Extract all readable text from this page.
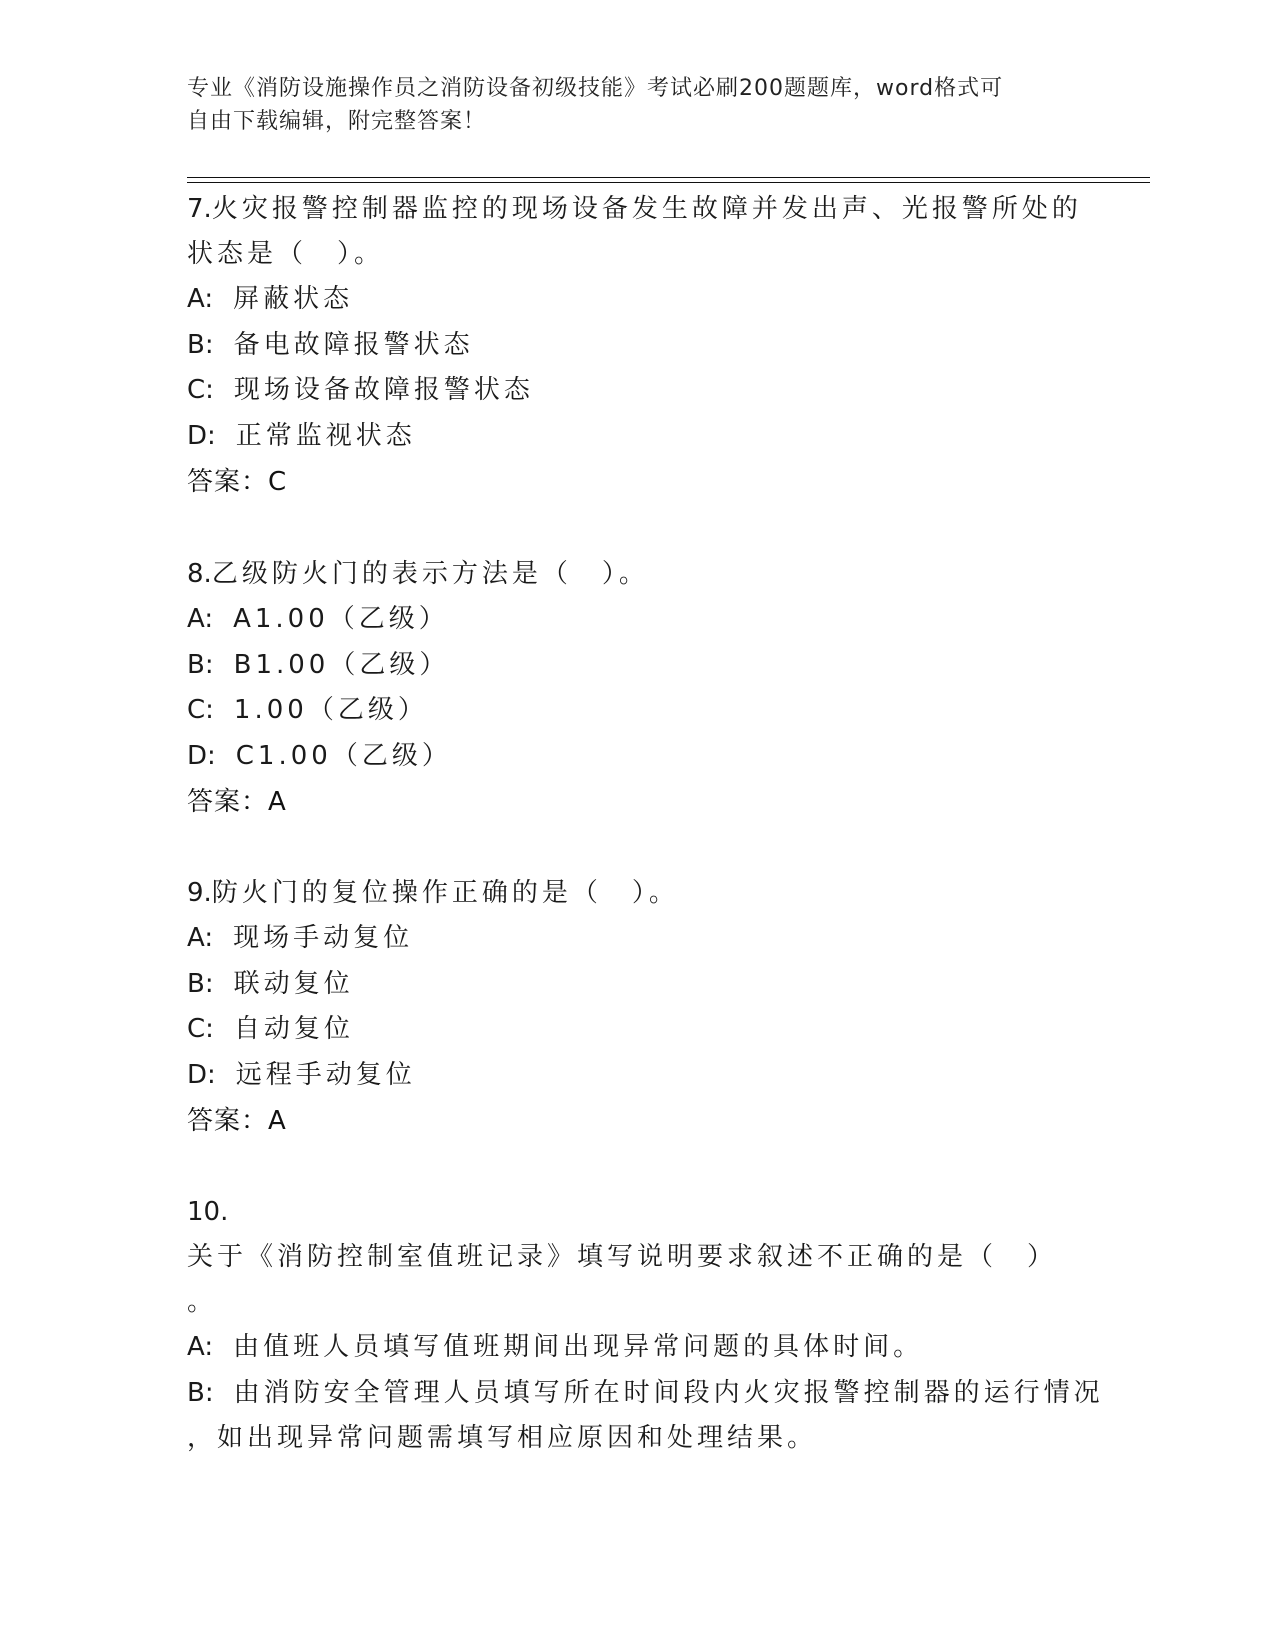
专业《消防设施操作员之消防设备初级技能》考试必刷200题题库，word格式可
自由下载编辑，附完整答案！

7.火灾报警控制器监控的现场设备发生故障并发出声、光报警所处的

状态是（　）。

A: 屏蔽状态

B: 备电故障报警状态

C: 现场设备故障报警状态

D: 正常监视状态

答案：C

8.乙级防火门的表示方法是（　）。

A: A1.00（乙级）

B: B1.00（乙级）

C: 1.00（乙级）

D: C1.00（乙级）

答案：A

9.防火门的复位操作正确的是（　）。

A: 现场手动复位

B: 联动复位

C: 自动复位

D: 远程手动复位

答案：A

10.关于《消防控制室值班记录》填写说明要求叙述不正确的是（　）

。

A: 由值班人员填写值班期间出现异常问题的具体时间。

B: 由消防安全管理人员填写所在时间段内火灾报警控制器的运行情况

，如出现异常问题需填写相应原因和处理结果。
